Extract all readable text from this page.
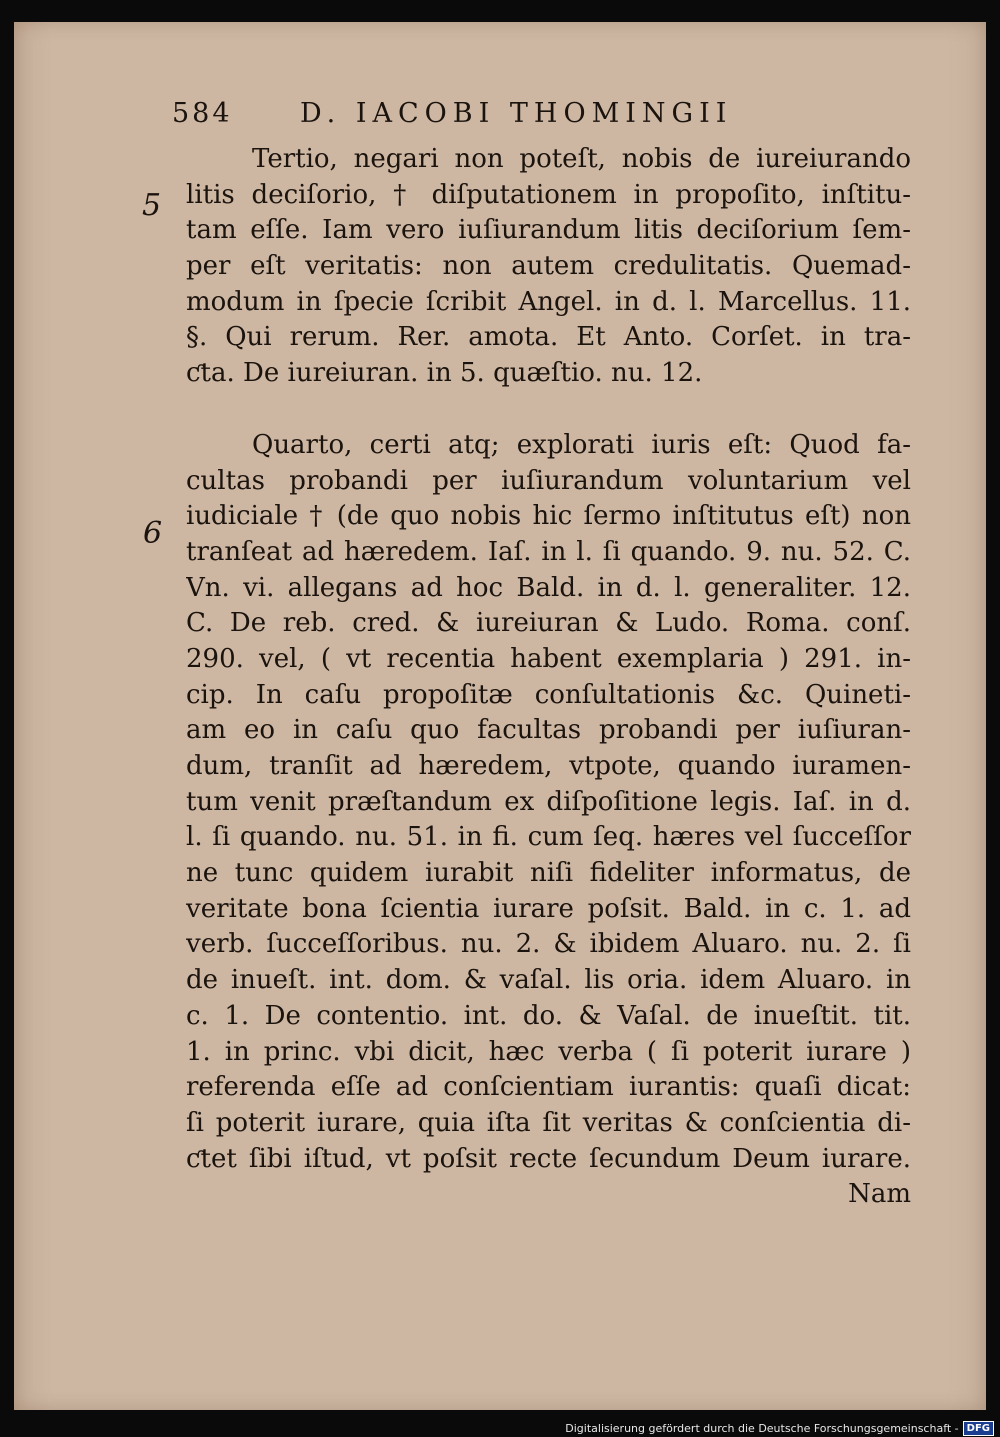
584 D. IACOBI THOMINGII
5
6
Tertio, negari non poteſt, nobis de iureiurando
litis deciſorio, † diſputationem in propoſito, inſtitu-
tam eſſe. Iam vero iuſiurandum litis deciſorium ſem-
per eſt veritatis: non autem credulitatis. Quemad-
modum in ſpecie ſcribit Angel. in d. l. Marcellus. 11.
§. Qui rerum. Rer. amota. Et Anto. Corſet. in tra-
ƈta. De iureiuran. in 5. quæſtio. nu. 12.
Quarto, certi atq; explorati iuris eſt: Quod fa-
cultas probandi per iuſiurandum voluntarium vel
iudiciale † (de quo nobis hic ſermo inſtitutus eſt) non
tranſeat ad hæredem. Iaſ. in l. ſi quando. 9. nu. 52. C.
Vn. vi. allegans ad hoc Bald. in d. l. generaliter. 12.
C. De reb. cred. & iureiuran & Ludo. Roma. conſ.
290. vel, ( vt recentia habent exemplaria ) 291. in-
cip. In caſu propoſitæ conſultationis &c. Quineti-
am eo in caſu quo facultas probandi per iuſiuran-
dum, tranſit ad hæredem, vtpote, quando iuramen-
tum venit præſtandum ex diſpoſitione legis. Iaſ. in d.
l. ſi quando. nu. 51. in fi. cum ſeq. hæres vel ſucceſſor
ne tunc quidem iurabit niſi fideliter informatus, de
veritate bona ſcientia iurare poſsit. Bald. in c. 1. ad
verb. ſucceſſoribus. nu. 2. & ibidem Aluaro. nu. 2. ſi
de inueſt. int. dom. & vaſal. lis oria. idem Aluaro. in
c. 1. De contentio. int. do. & Vaſal. de inueſtit. tit.
1. in princ. vbi dicit, hæc verba ( ſi poterit iurare )
referenda eſſe ad conſcientiam iurantis: quaſi dicat:
ſi poterit iurare, quia iſta ſit veritas & conſcientia di-
ƈtet ſibi iſtud, vt poſsit recte ſecundum Deum iurare.
Nam
Digitalisierung gefördert durch die Deutsche Forschungsgemeinschaft - DFG
